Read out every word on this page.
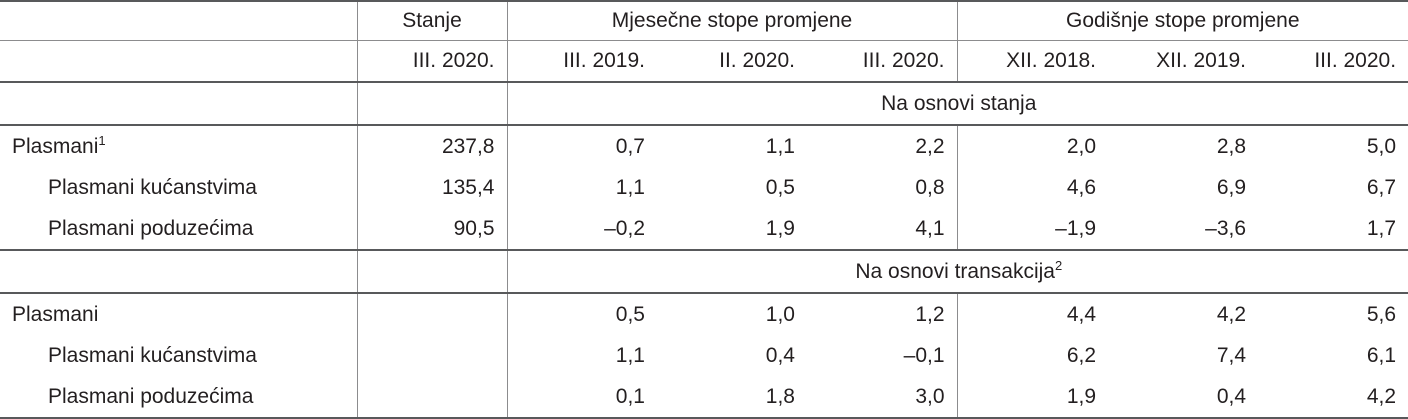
	Stanje	Mjesečne stope promjene			Godišnje stope promjene		

	III. 2020.	III. 2019.	II. 2020.	III. 2020.	XII. 2018.	XII. 2019.	III. 2020.

		Na osnovi stanja					

Plasmani$^1$	237,8	0,7	1,1	2,2	2,0	2,8	5,0

Plasmani kućanstvima	135,4	1,1	0,5	0,8	4,6	6,9	6,7

Plasmani poduzećima	90,5	–0,2	1,9	4,1	–1,9	–3,6	1,7

		Na osnovi transakcija$^2$

Plasmani		0,5	1,0	1,2	4,4	4,2	5,6

Plasmani kućanstvima		1,1	0,4	–0,1	6,2	7,4	6,1

Plasmani poduzećima		0,1	1,8	3,0	1,9	0,4	4,2
